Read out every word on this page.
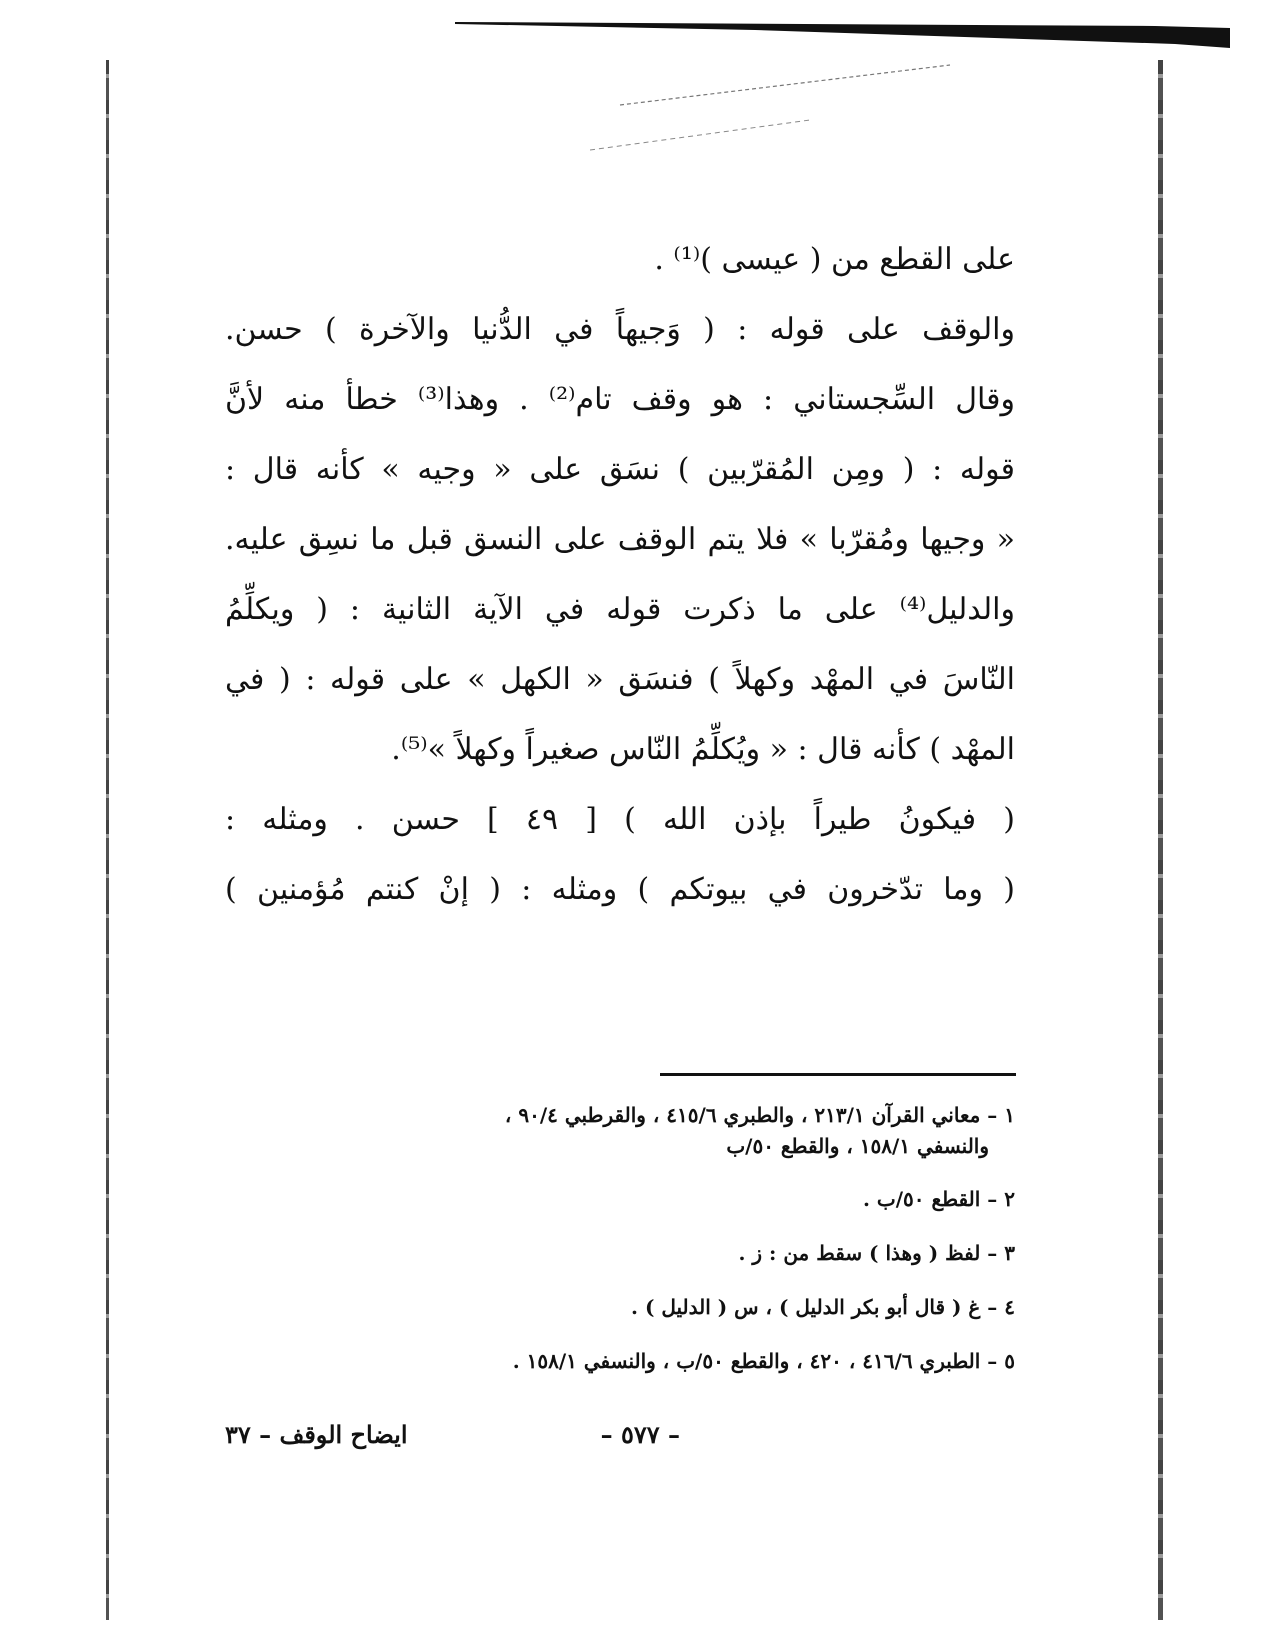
على القطع من ( عيسى )⁽¹⁾ .
والوقف على قوله : ( وَجيهاً في الدُّنيا والآخرة ) حسن.
وقال السِّجستاني : هو وقف تام⁽²⁾ . وهذا⁽³⁾ خطأ منه لأنَّ
قوله : ( ومِن المُقرّبين ) نسَق على « وجيه » كأنه قال :
« وجيها ومُقرّبا » فلا يتم الوقف على النسق قبل ما نسِق عليه.
والدليل⁽⁴⁾ على ما ذكرت قوله في الآية الثانية : ( ويكلِّمُ
النّاسَ في المهْد وكهلاً ) فنسَق « الكهل » على قوله : ( في
المهْد ) كأنه قال : « ويُكلِّمُ النّاس صغيراً وكهلاً »⁽⁵⁾.
( فيكونُ طيراً بإذن الله ) [ ٤٩ ] حسن . ومثله :
( وما تدّخرون في بيوتكم ) ومثله : ( إنْ كنتم مُؤمنين )
١ – معاني القرآن ٢١٣/١ ، والطبري ٤١٥/٦ ، والقرطبي ٩٠/٤ ،
والنسفي ١٥٨/١ ، والقطع ٥٠/ب
٢ – القطع ٥٠/ب .
٣ – لفظ ( وهذا ) سقط من : ز .
٤ – غ ( قال أبو بكر الدليل ) ، س ( الدليل ) .
٥ – الطبري ٤١٦/٦ ، ٤٢٠ ، والقطع ٥٠/ب ، والنسفي ١٥٨/١ .
– ٥٧٧ –
ايضاح الوقف – ٣٧
